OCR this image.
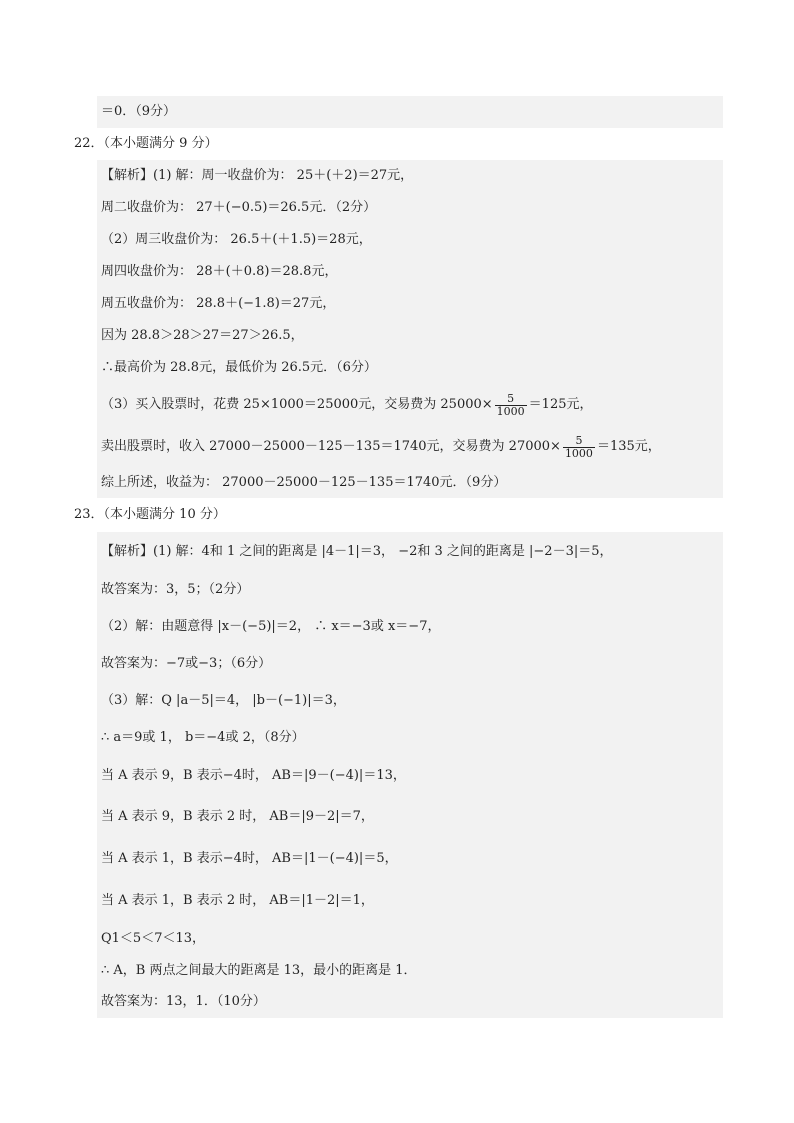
＝0．（9分）
22．（本小题满分 9 分）
【解析】(1) 解：周一收盘价为： 25＋(＋2)＝27元，
周二收盘价为： 27＋(−0.5)＝26.5元．（2分）
（2）周三收盘价为： 26.5＋(＋1.5)＝28元，
周四收盘价为： 28＋(＋0.8)＝28.8元，
周五收盘价为： 28.8＋(−1.8)＝27元，
因为 28.8＞28＞27＝27＞26.5，
∴最高价为 28.8元，最低价为 26.5元．（6分）
（3）买入股票时，花费 25×1000＝25000元，交易费为 $25000\times \frac{5}{1000} =125$元，
卖出股票时，收入 27000－25000－125－135＝1740元，交易费为 $27000\times \frac{5}{1000} =135$元，
综上所述，收益为： 27000－25000－125－135＝1740元．（9分）
23．（本小题满分 10 分）
【解析】(1) 解：4和 1 之间的距离是 |4－1|＝3， −2和 3 之间的距离是 |−2－3|＝5，
故答案为：3，5；（2分）
（2）解：由题意得 |x－(−5)|＝2， ∴ x＝−3或 x＝−7，
故答案为：−7或−3；（6分）
（3）解：Q |a－5|＝4， |b－(−1)|＝3，
∴ a＝9或 1， b＝−4或 2，（8分）
当 A 表示 9，B 表示−4时， AB＝|9－(−4)|＝13，
当 A 表示 9，B 表示 2 时， AB＝|9－2|＝7，
当 A 表示 1，B 表示−4时， AB＝|1－(−4)|＝5，
当 A 表示 1，B 表示 2 时， AB＝|1－2|＝1，
Q1＜5＜7＜13，
∴ A，B 两点之间最大的距离是 13，最小的距离是 1．
故答案为：13，1．（10分）
